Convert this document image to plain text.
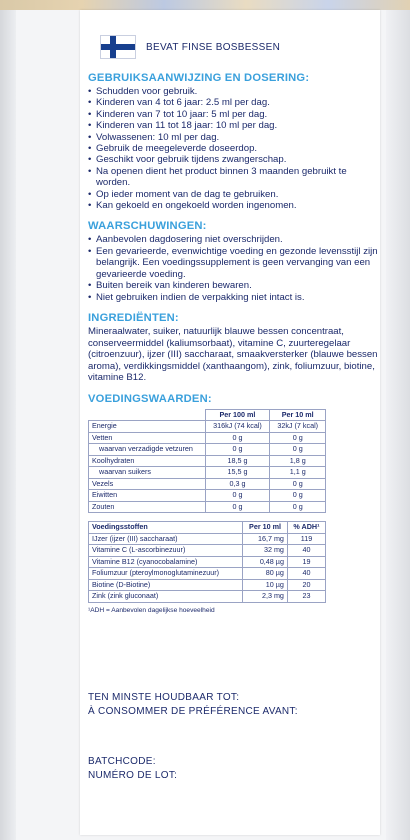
BEVAT FINSE BOSBESSEN
GEBRUIKSAANWIJZING EN DOSERING:
• Schudden voor gebruik.
• Kinderen van 4 tot 6 jaar: 2.5 ml per dag.
• Kinderen van 7 tot 10 jaar: 5 ml per dag.
• Kinderen van 11 tot 18 jaar: 10 ml per dag.
• Volwassenen: 10 ml per dag.
• Gebruik de meegeleverde doseerdop.
• Geschikt voor gebruik tijdens zwangerschap.
• Na openen dient het product binnen 3 maanden gebruikt te worden.
• Op ieder moment van de dag te gebruiken.
• Kan gekoeld en ongekoeld worden ingenomen.
WAARSCHUWINGEN:
• Aanbevolen dagdosering niet overschrijden.
• Een gevarieerde, evenwichtige voeding en gezonde levensstijl zijn belangrijk. Een voedingssupplement is geen vervanging van een gevarieerde voeding.
• Buiten bereik van kinderen bewaren.
• Niet gebruiken indien de verpakking niet intact is.
INGREDIËNTEN:
Mineraalwater, suiker, natuurlijk blauwe bessen concentraat, conserveermiddel (kaliumsorbaat), vitamine C, zuurteregelaar (citroenzuur), ijzer (III) saccharaat, smaakversterker (blauwe bessen aroma), verdikkingsmiddel (xanthaangom), zink, foliumzuur, biotine, vitamine B12.
VOEDINGSWAARDEN:
	Per 100 ml	Per 10 ml
Energie	316kJ (74 kcal)	32kJ (7 kcal)
Vetten	0 g	0 g
waarvan verzadigde vetzuren	0 g	0 g
Koolhydraten	18,5 g	1,8 g
waarvan suikers	15,5 g	1,1 g
Vezels	0,3 g	0 g
Eiwitten	0 g	0 g
Zouten	0 g	0 g
Voedingsstoffen	Per 10 ml	% ADH¹
IJzer (ijzer (III) saccharaat)	16,7 mg	119
Vitamine C (L-ascorbinezuur)	32 mg	40
Vitamine B12 (cyanocobalamine)	0,48 µg	19
Foliumzuur (pteroylmonoglutaminezuur)	80 µg	40
Biotine (D-Biotine)	10 µg	20
Zink (zink gluconaat)	2,3 mg	23
¹ADH = Aanbevolen dagelijkse hoeveelheid
TEN MINSTE HOUDBAAR TOT:
À CONSOMMER DE PRÉFÉRENCE AVANT:
BATCHCODE:
NUMÉRO DE LOT:
